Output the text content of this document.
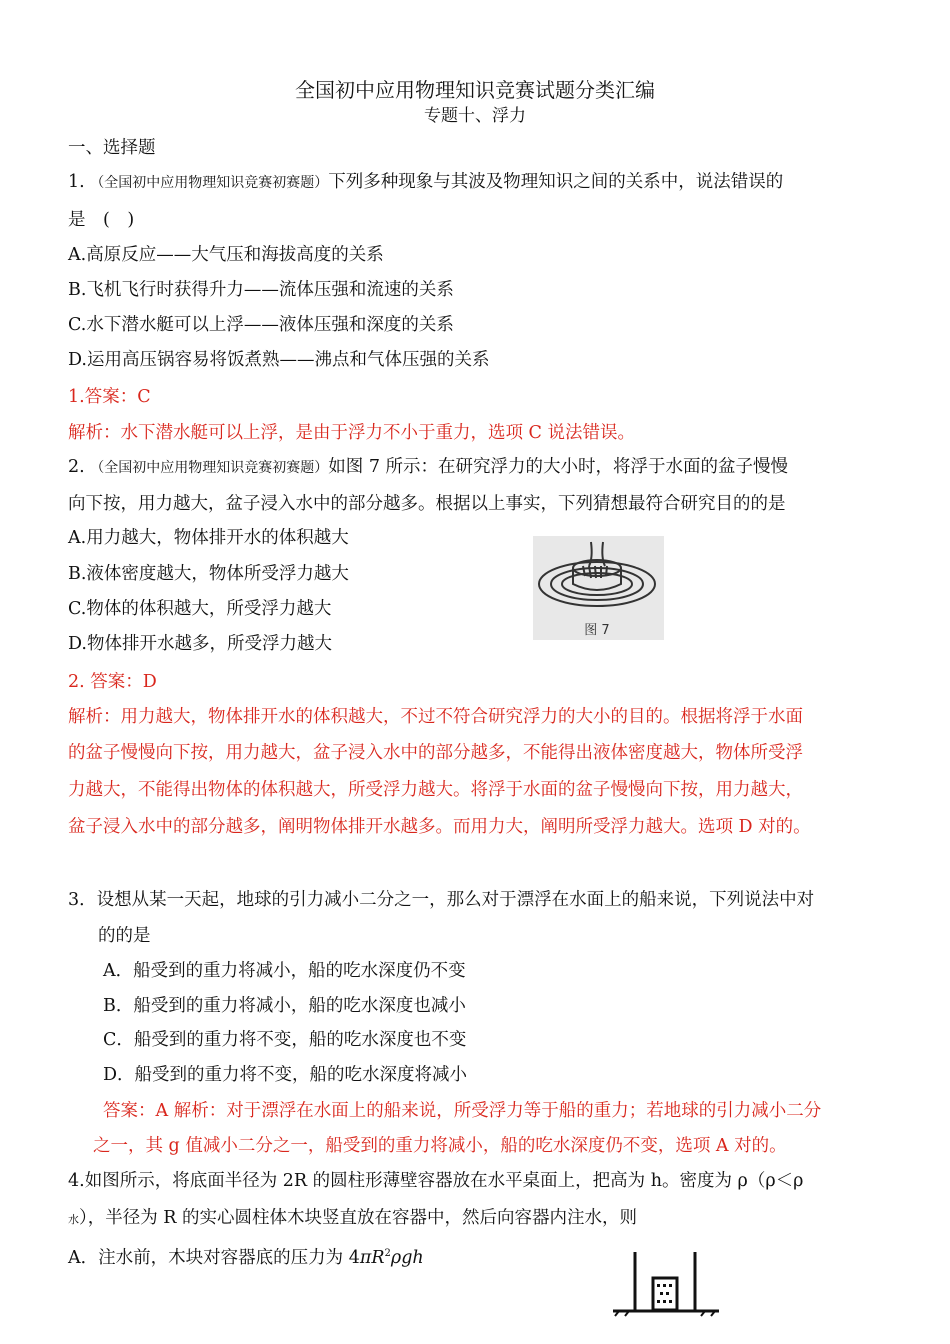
全国初中应用物理知识竞赛试题分类汇编
专题十、浮力
一、选择题
1. （全国初中应用物理知识竞赛初赛题）下列多种现象与其波及物理知识之间的关系中，说法错误的
是　(　)
A.高原反应——大气压和海拔高度的关系
B.飞机飞行时获得升力——流体压强和流速的关系
C.水下潜水艇可以上浮——液体压强和深度的关系
D.运用高压锅容易将饭煮熟——沸点和气体压强的关系
1.答案：C
解析：水下潜水艇可以上浮，是由于浮力不小于重力，选项 C 说法错误。
2. （全国初中应用物理知识竞赛初赛题）如图 7 所示：在研究浮力的大小时，将浮于水面的盆子慢慢
向下按，用力越大，盆子浸入水中的部分越多。根据以上事实，下列猜想最符合研究目的的是
A.用力越大，物体排开水的体积越大
B.液体密度越大，物体所受浮力越大
C.物体的体积越大，所受浮力越大
D.物体排开水越多，所受浮力越大
图 7
2. 答案：D
解析：用力越大，物体排开水的体积越大，不过不符合研究浮力的大小的目的。根据将浮于水面
的盆子慢慢向下按，用力越大，盆子浸入水中的部分越多，不能得出液体密度越大，物体所受浮
力越大，不能得出物体的体积越大，所受浮力越大。将浮于水面的盆子慢慢向下按，用力越大，
盆子浸入水中的部分越多，阐明物体排开水越多。而用力大，阐明所受浮力越大。选项 D 对的。
3．设想从某一天起，地球的引力减小二分之一，那么对于漂浮在水面上的船来说，下列说法中对
的的是
A．船受到的重力将减小，船的吃水深度仍不变
B．船受到的重力将减小，船的吃水深度也减小
C．船受到的重力将不变，船的吃水深度也不变
D．船受到的重力将不变，船的吃水深度将减小
答案：A 解析：对于漂浮在水面上的船来说，所受浮力等于船的重力；若地球的引力减小二分
之一，其 g 值减小二分之一，船受到的重力将减小，船的吃水深度仍不变，选项 A 对的。
4.如图所示，将底面半径为 2R 的圆柱形薄壁容器放在水平桌面上，把高为 h。密度为 ρ（ρ＜ρ
水），半径为 R 的实心圆柱体木块竖直放在容器中，然后向容器内注水，则
A．注水前，木块对容器底的压力为 $4\pi R^2\rho gh$
